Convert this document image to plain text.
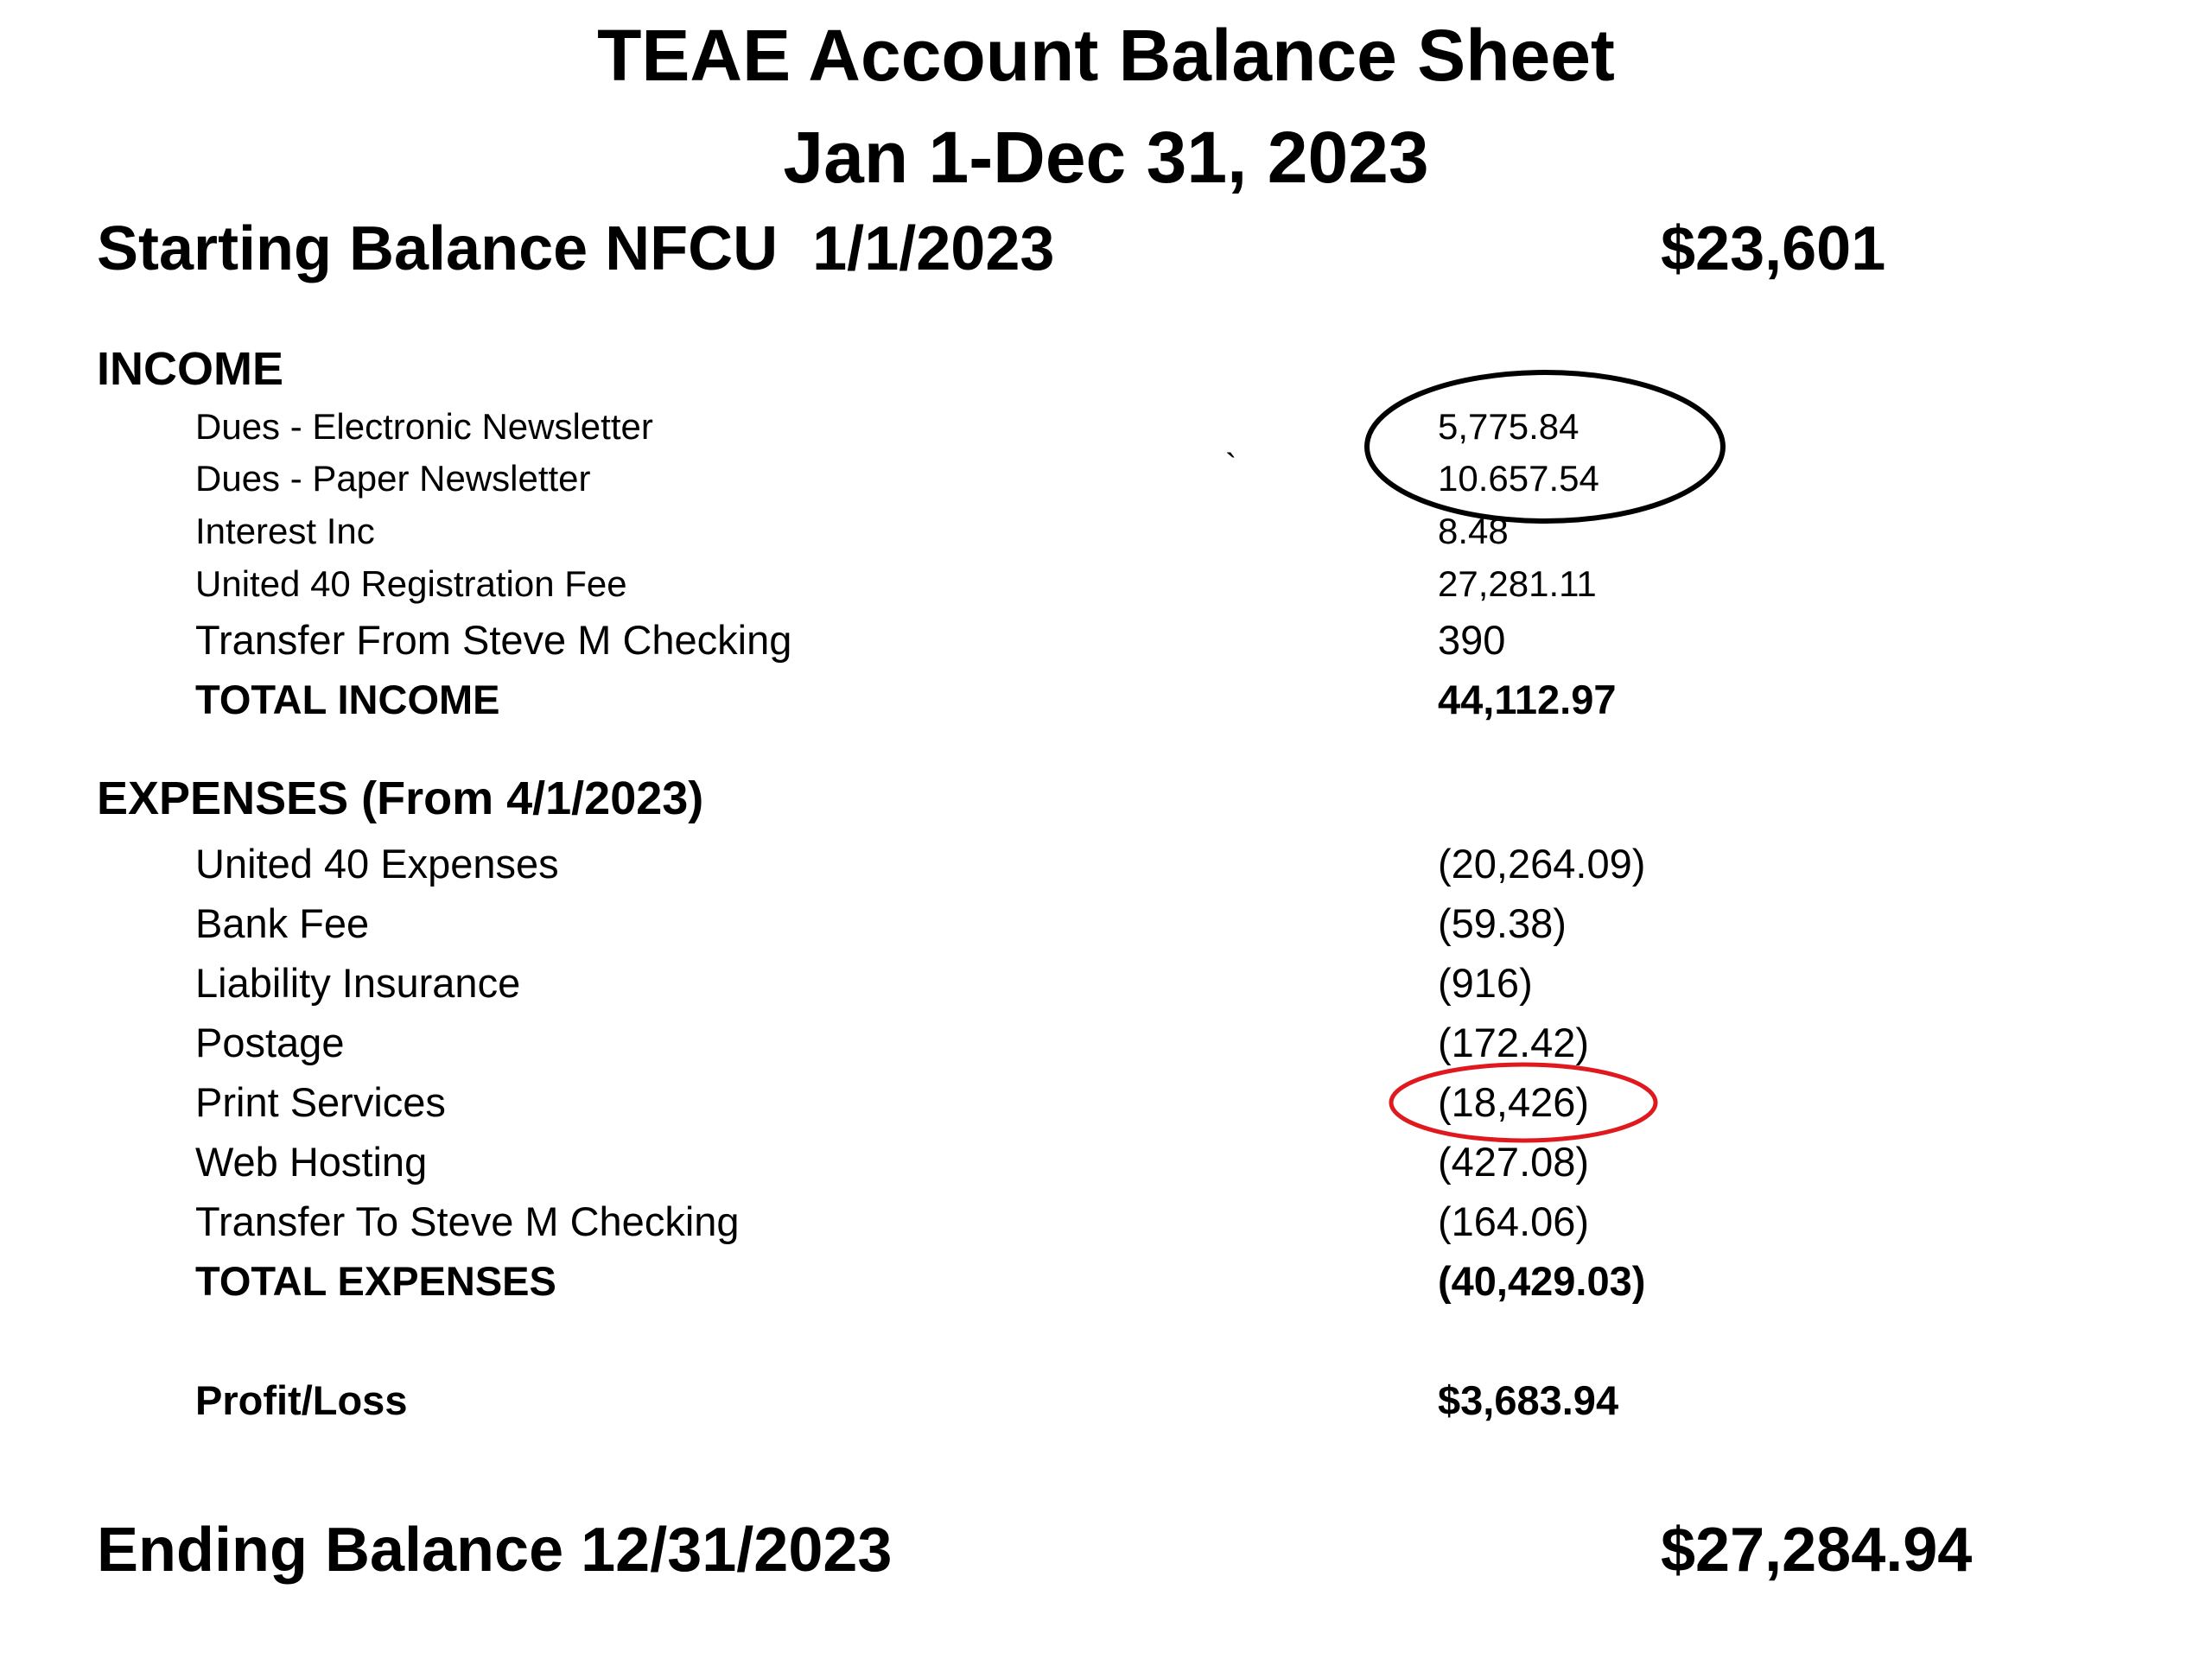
TEAE Account Balance Sheet
Jan 1-Dec 31, 2023
Starting Balance NFCU  1/1/2023	$23,601
INCOME
Dues - Electronic Newsletter	5,775.84
Dues - Paper Newsletter	10.657.54
Interest Inc	8.48
United 40 Registration Fee	27,281.11
Transfer From Steve M Checking	390
TOTAL INCOME	44,112.97
EXPENSES (From 4/1/2023)
United 40 Expenses	(20,264.09)
Bank Fee	(59.38)
Liability Insurance	(916)
Postage	(172.42)
Print Services	(18,426)
Web Hosting	(427.08)
Transfer To Steve M Checking	(164.06)
TOTAL EXPENSES	(40,429.03)
Profit/Loss	$3,683.94
Ending Balance 12/31/2023	$27,284.94
`
